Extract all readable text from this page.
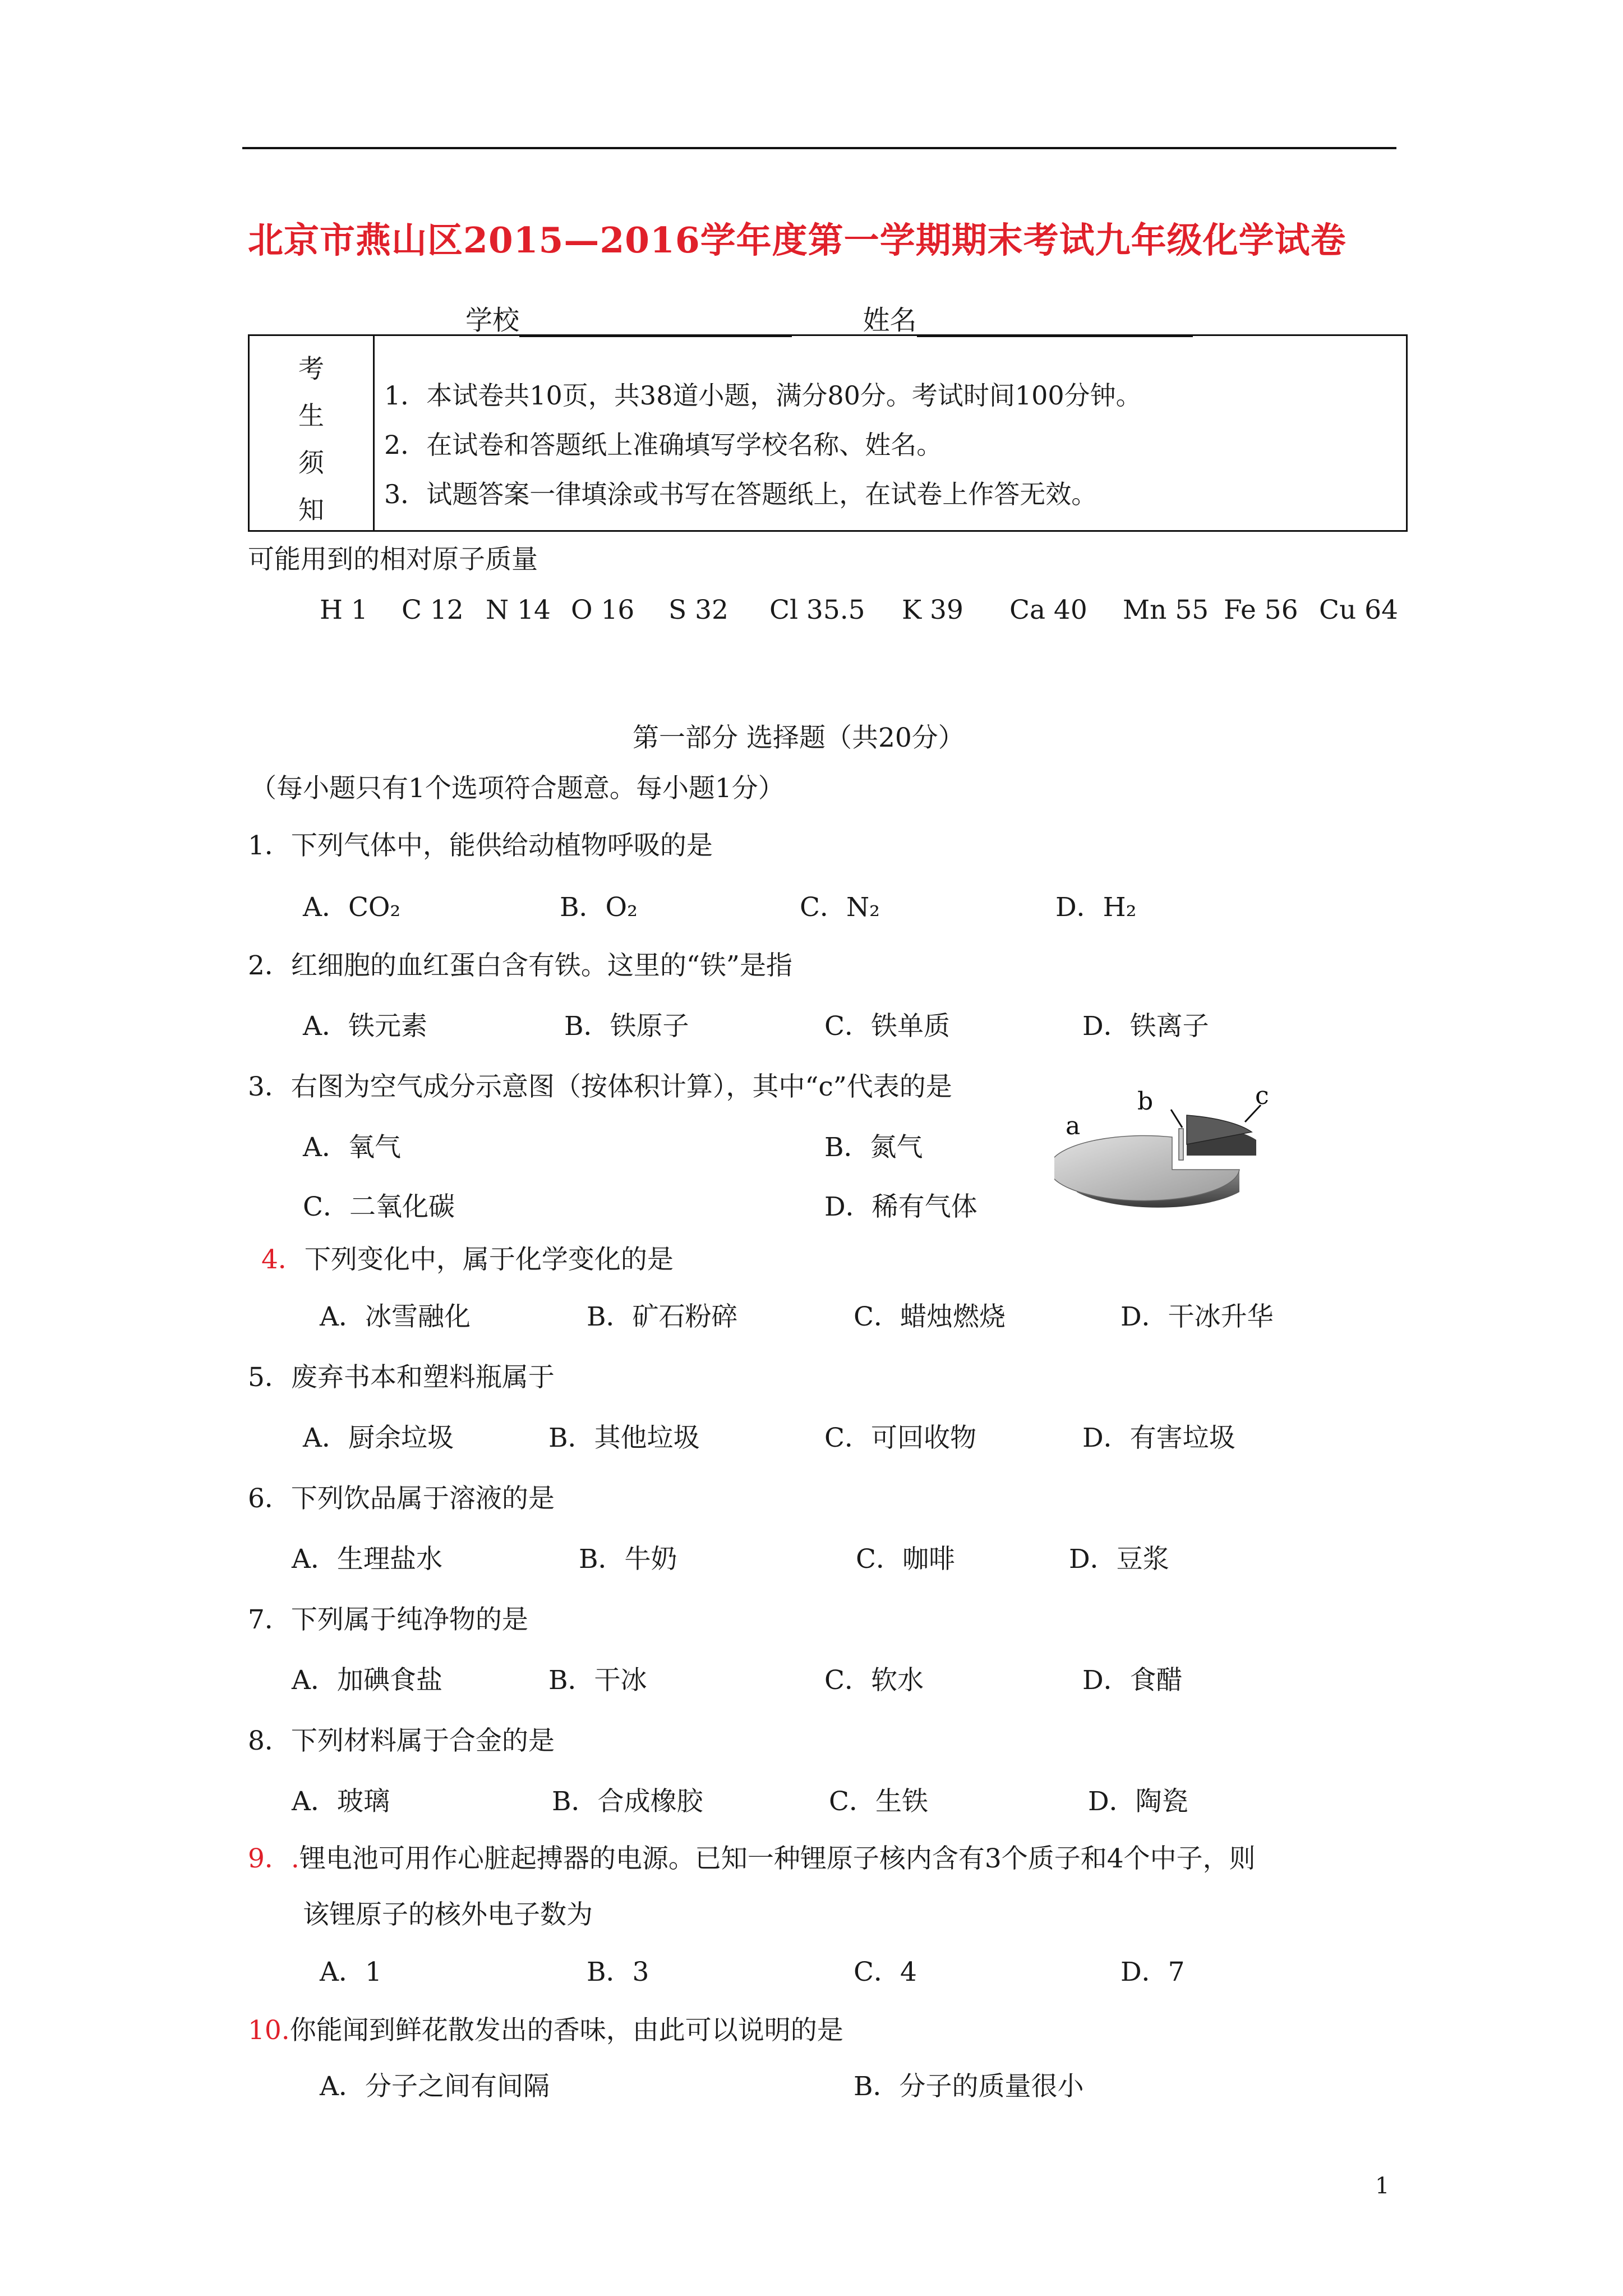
北京市燕山区2015—2016学年度第一学期期末考试九年级化学试卷
学校	姓名
考
生
须
知
1．本试卷共10页，共38道小题，满分80分。考试时间100分钟。
2．在试卷和答题纸上准确填写学校名称、姓名。
3．试题答案一律填涂或书写在答题纸上，在试卷上作答无效。
可能用到的相对原子质量
H 1 C 12 N 14 O 16 S 32 Cl 35.5 K 39 Ca 40 Mn 55 Fe 56 Cu 64
第一部分 选择题（共20分）
（每小题只有1个选项符合题意。每小题1分）
1．下列气体中，能供给动植物呼吸的是
A．CO₂	B．O₂	C．N₂	D．H₂
2．红细胞的血红蛋白含有铁。这里的“铁”是指
A．铁元素	B．铁原子	C．铁单质	D．铁离子
3．右图为空气成分示意图（按体积计算），其中“c”代表的是
A．氧气	B．氮气
C．二氧化碳	D．稀有气体
a
b	c
4．下列变化中，属于化学变化的是
A．冰雪融化	B．矿石粉碎	C．蜡烛燃烧	D．干冰升华
5．废弃书本和塑料瓶属于
A．厨余垃圾	B．其他垃圾	C．可回收物	D．有害垃圾
6．下列饮品属于溶液的是
A．生理盐水	B．牛奶	C．咖啡	D．豆浆
7．下列属于纯净物的是
A．加碘食盐	B．干冰	C．软水	D．食醋
8．下列材料属于合金的是
A．玻璃	B．合成橡胶	C．生铁	D．陶瓷
9．.锂电池可用作心脏起搏器的电源。已知一种锂原子核内含有3个质子和4个中子，则
该锂原子的核外电子数为
A．1	B．3	C．4	D．7
10.你能闻到鲜花散发出的香味，由此可以说明的是
A．分子之间有间隔	B．分子的质量很小
1
